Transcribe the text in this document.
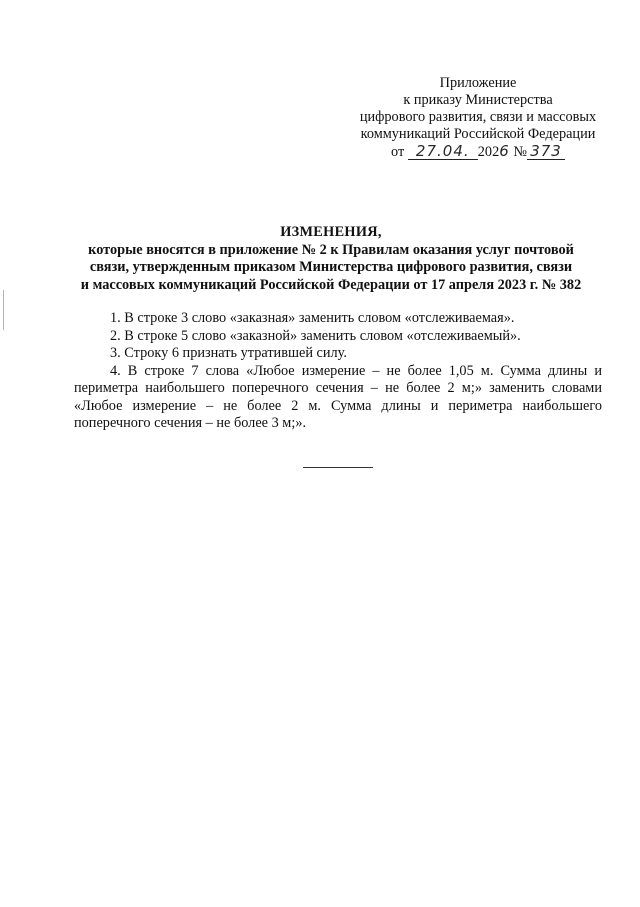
Приложение
к приказу Министерства
цифрового развития, связи и массовых
коммуникаций Российской Федерации
от 27.04. 2026 № 373
ИЗМЕНЕНИЯ,
которые вносятся в приложение № 2 к Правилам оказания услуг почтовой
связи, утвержденным приказом Министерства цифрового развития, связи
и массовых коммуникаций Российской Федерации от 17 апреля 2023 г. № 382

1. В строке 3 слово «заказная» заменить словом «отслеживаемая».

2. В строке 5 слово «заказной» заменить словом «отслеживаемый».

3. Строку 6 признать утратившей силу.

4. В строке 7 слова «Любое измерение – не более 1,05 м. Сумма длины и периметра наибольшего поперечного сечения – не более 2 м;» заменить словами «Любое измерение – не более 2 м. Сумма длины и периметра наибольшего поперечного сечения – не более 3 м;».
